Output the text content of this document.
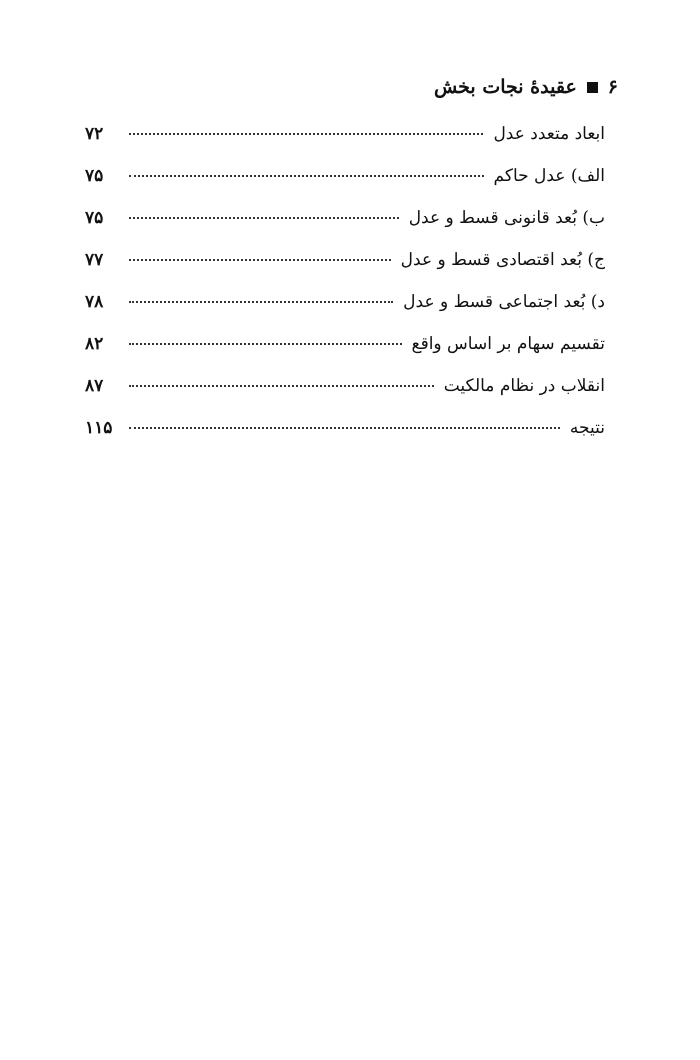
۶
عقیدهٔ نجات بخش
ابعاد متعدد عدل
۷۲
الف) عدل حاکم
۷۵
ب) بُعد قانونی قسط و عدل
۷۵
ج) بُعد اقتصادی قسط و عدل
۷۷
د) بُعد اجتماعی قسط و عدل
۷۸
تقسیم سهام بر اساس واقع
۸۲
انقلاب در نظام مالکیت
۸۷
نتیجه
۱۱۵
